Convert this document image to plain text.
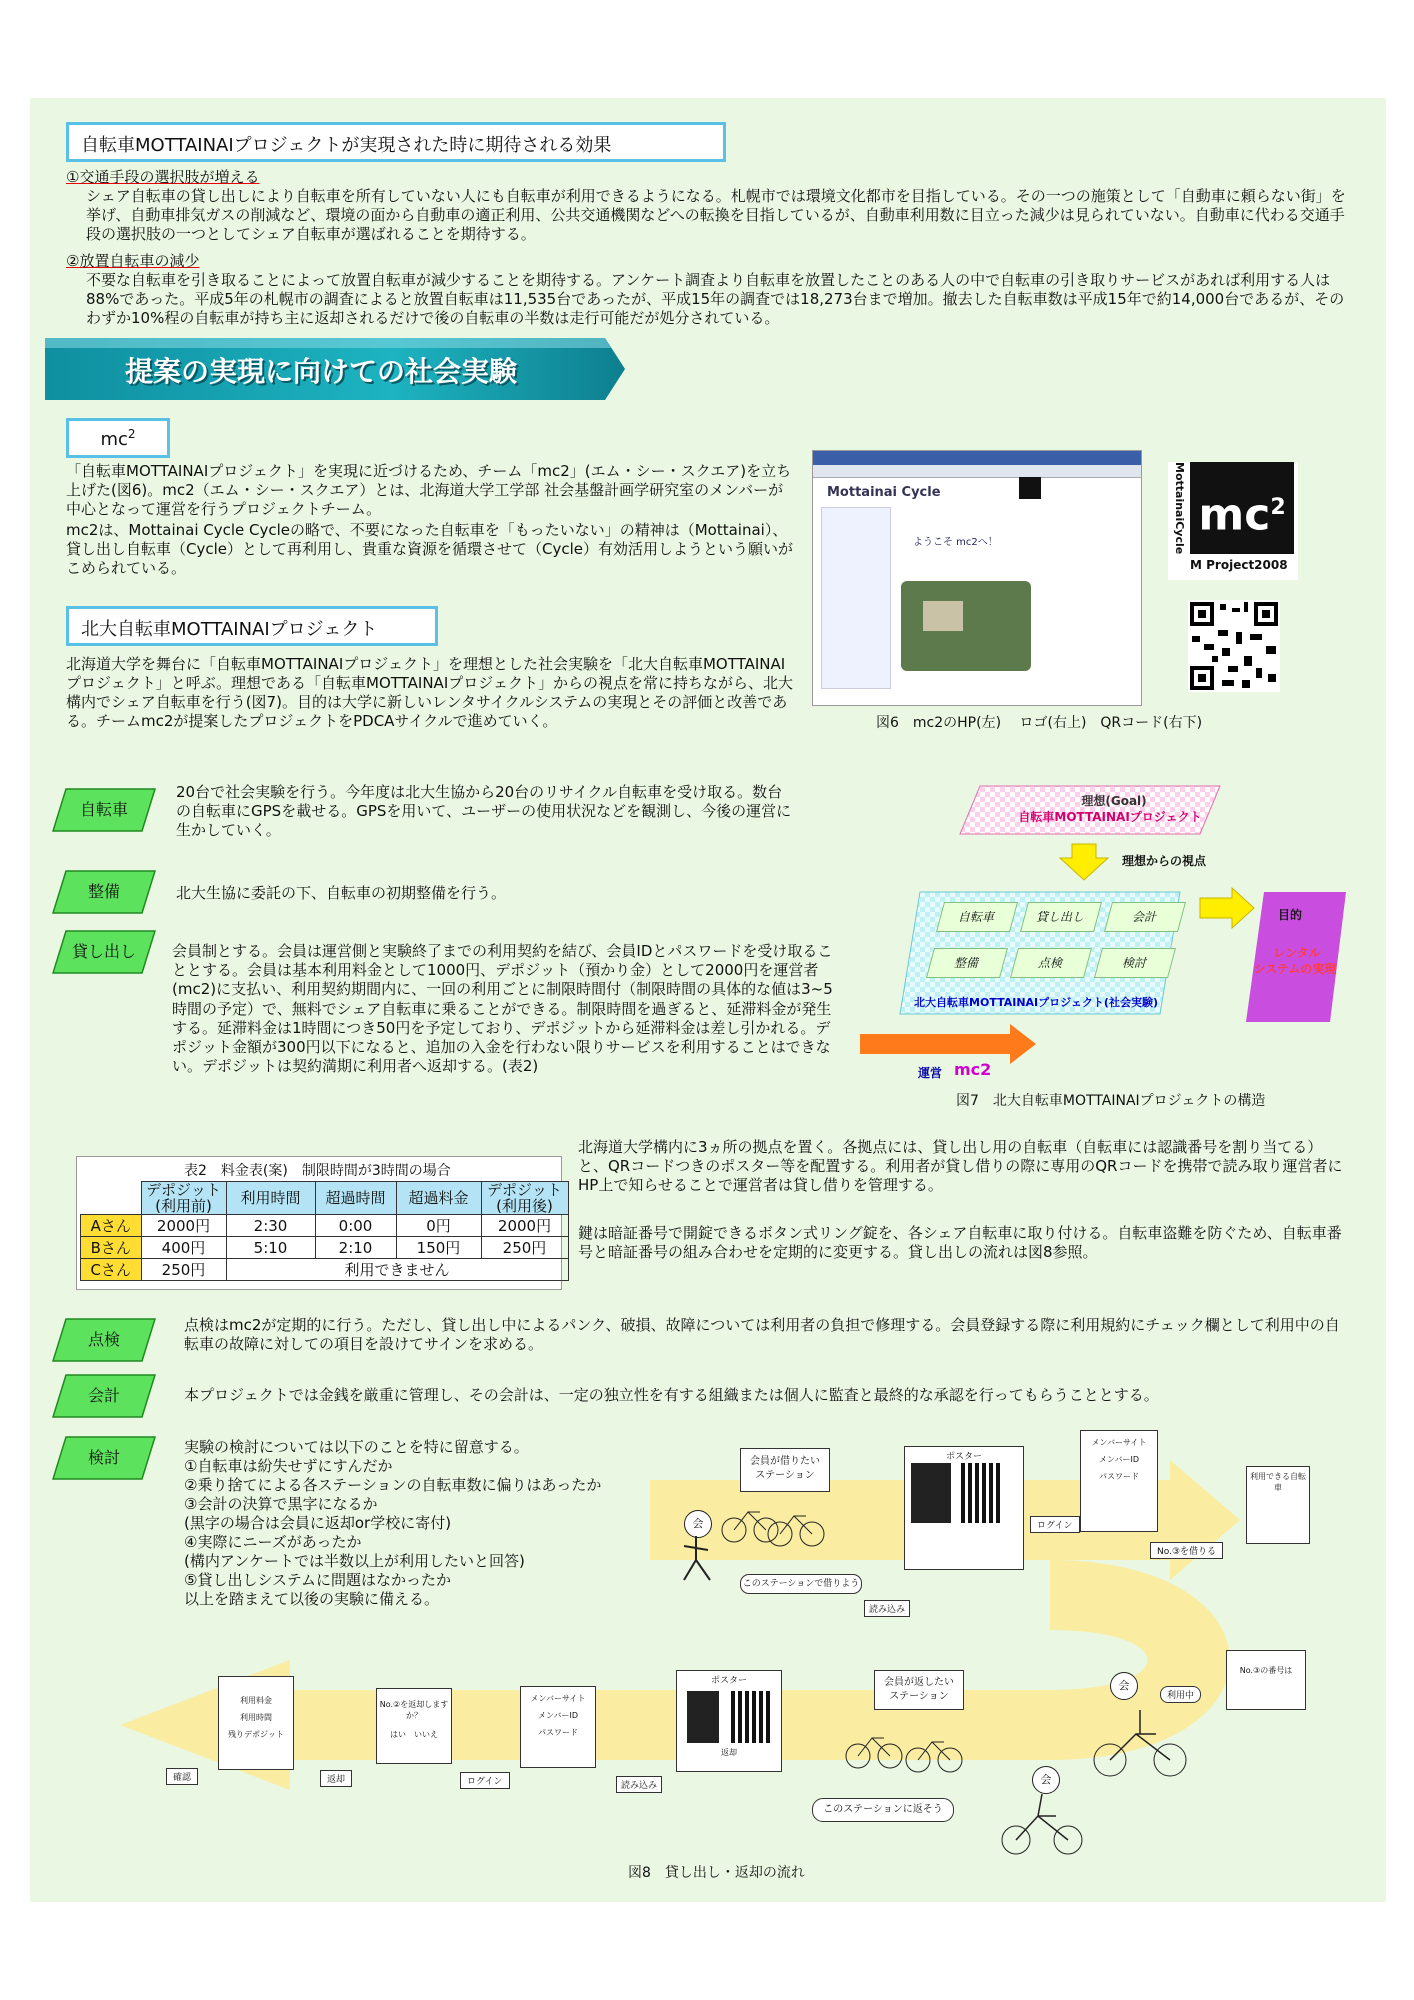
自転車MOTTAINAIプロジェクトが実現された時に期待される効果
①交通手段の選択肢が増える

シェア自転車の貸し出しにより自転車を所有していない人にも自転車が利用できるようになる。札幌市では環境文化都市を目指している。その一つの施策として「自動車に頼らない街」を挙げ、自動車排気ガスの削減など、環境の面から自動車の適正利用、公共交通機関などへの転換を目指しているが、自動車利用数に目立った減少は見られていない。自動車に代わる交通手段の選択肢の一つとしてシェア自転車が選ばれることを期待する。

②放置自転車の減少

不要な自転車を引き取ることによって放置自転車が減少することを期待する。アンケート調査より自転車を放置したことのある人の中で自転車の引き取りサービスがあれば利用する人は88%であった。平成5年の札幌市の調査によると放置自転車は11,535台であったが、平成15年の調査では18,273台まで増加。撤去した自転車数は平成15年で約14,000台であるが、そのわずか10%程の自転車が持ち主に返却されるだけで後の自転車の半数は走行可能だが処分されている。

提案の実現に向けての社会実験
$mc^2$

「自転車MOTTAINAIプロジェクト」を実現に近づけるため、チーム「mc2」(エム・シー・スクエア)を立ち上げた(図6)。mc2（エム・シー・スクエア）とは、北海道大学工学部 社会基盤計画学研究室のメンバーが中心となって運営を行うプロジェクトチーム。

mc2は、Mottainai Cycle Cycleの略で、不要になった自転車を「もったいない」の精神は（Mottainai）、貸し出し自転車（Cycle）として再利用し、貴重な資源を循環させて（Cycle）有効活用しようという願いがこめられている。

Mottainai Cycle
ようこそ mc2へ！	MottainaiCycle $mc^2$
M Project2008
図6　mc2のHP(左)　 ロゴ(右上)　QRコード(右下)
北大自転車MOTTAINAIプロジェクト

北海道大学を舞台に「自転車MOTTAINAIプロジェクト」を理想とした社会実験を「北大自転車MOTTAINAIプロジェクト」と呼ぶ。理想である「自転車MOTTAINAIプロジェクト」からの視点を常に持ちながら、北大構内でシェア自転車を行う(図7)。目的は大学に新しいレンタサイクルシステムの実現とその評価と改善である。チームmc2が提案したプロジェクトをPDCAサイクルで進めていく。

自転車

20台で社会実験を行う。今年度は北大生協から20台のリサイクル自転車を受け取る。数台の自転車にGPSを載せる。GPSを用いて、ユーザーの使用状況などを観測し、今後の運営に生かしていく。

整備	北大生協に委託の下、自転車の初期整備を行う。

貸し出し	会員制とする。会員は運営側と実験終了までの利用契約を結び、会員IDとパスワードを受け取ることとする。会員は基本利用料金として1000円、デポジット（預かり金）として2000円を運営者(mc2)に支払い、利用契約期間内に、一回の利用ごとに制限時間付（制限時間の具体的な値は3~5時間の予定）で、無料でシェア自転車に乗ることができる。制限時間を過ぎると、延滞料金が発生する。延滞料金は1時間につき50円を予定しており、デポジットから延滞料金は差し引かれる。デポジット金額が300円以下になると、追加の入金を行わない限りサービスを利用することはできない。デポジットは契約満期に利用者へ返却する。(表2)

表2　料金表(案)　制限時間が3時間の場合
	デポジット
(利用前)	利用時間	超過時間	超過料金	デポジット
(利用後)
Aさん	2000円	2:30	0:00	0円	2000円
Bさん	400円	5:10	2:10	150円	250円
Cさん	250円	利用できません			

北海道大学構内に3ヵ所の拠点を置く。各拠点には、貸し出し用の自転車（自転車には認識番号を割り当てる）と、QRコードつきのポスター等を配置する。利用者が貸し借りの際に専用のQRコードを携帯で読み取り運営者にHP上で知らせることで運営者は貸し借りを管理する。

鍵は暗証番号で開錠できるボタン式リング錠を、各シェア自転車に取り付ける。自転車盗難を防ぐため、自転車番号と暗証番号の組み合わせを定期的に変更する。貸し出しの流れは図8参照。

理想(Goal)
自転車MOTTAINAIプロジェクト
理想からの視点
自転車	貸し出し	会計
整備	点検	検討
北大自転車MOTTAINAIプロジェクト(社会実験)
目的
レンタル
システムの実現
運営 mc2
図7　北大自転車MOTTAINAIプロジェクトの構造
点検

点検はmc2が定期的に行う。ただし、貸し出し中によるパンク、破損、故障については利用者の負担で修理する。会員登録する際に利用規約にチェック欄として利用中の自転車の故障に対しての項目を設けてサインを求める。

会計	本プロジェクトでは金銭を厳重に管理し、その会計は、一定の独立性を有する組織または個人に監査と最終的な承認を行ってもらうこととする。

検討
実験の検討については以下のことを特に留意する。
①自転車は紛失せずにすんだか
②乗り捨てによる各ステーションの自転車数に偏りはあったか
③会計の決算で黒字になるか
(黒字の場合は会員に返却or学校に寄付)
④実際にニーズがあったか
(構内アンケートでは半数以上が利用したいと回答)
⑤貸し出しシステムに問題はなかったか
以上を踏まえて以後の実験に備える。
会員が借りたい
ステーション
会
このステーションで借りよう
ポスター
読み込み
メンバーサイト
メンバーID
パスワード
ログイン
No.③を借りる
利用できる自転車
No.③の番号は
会
利用中
会員が返したい
ステーション
会
このステーションに返そう
ポスター
返却
読み込み
メンバーサイト
メンバーID
パスワード
ログイン
No.②を返却しますか？
はい　いいえ
返却
利用料金
利用時間
残りデポジット
確認
図8　貸し出し・返却の流れ
